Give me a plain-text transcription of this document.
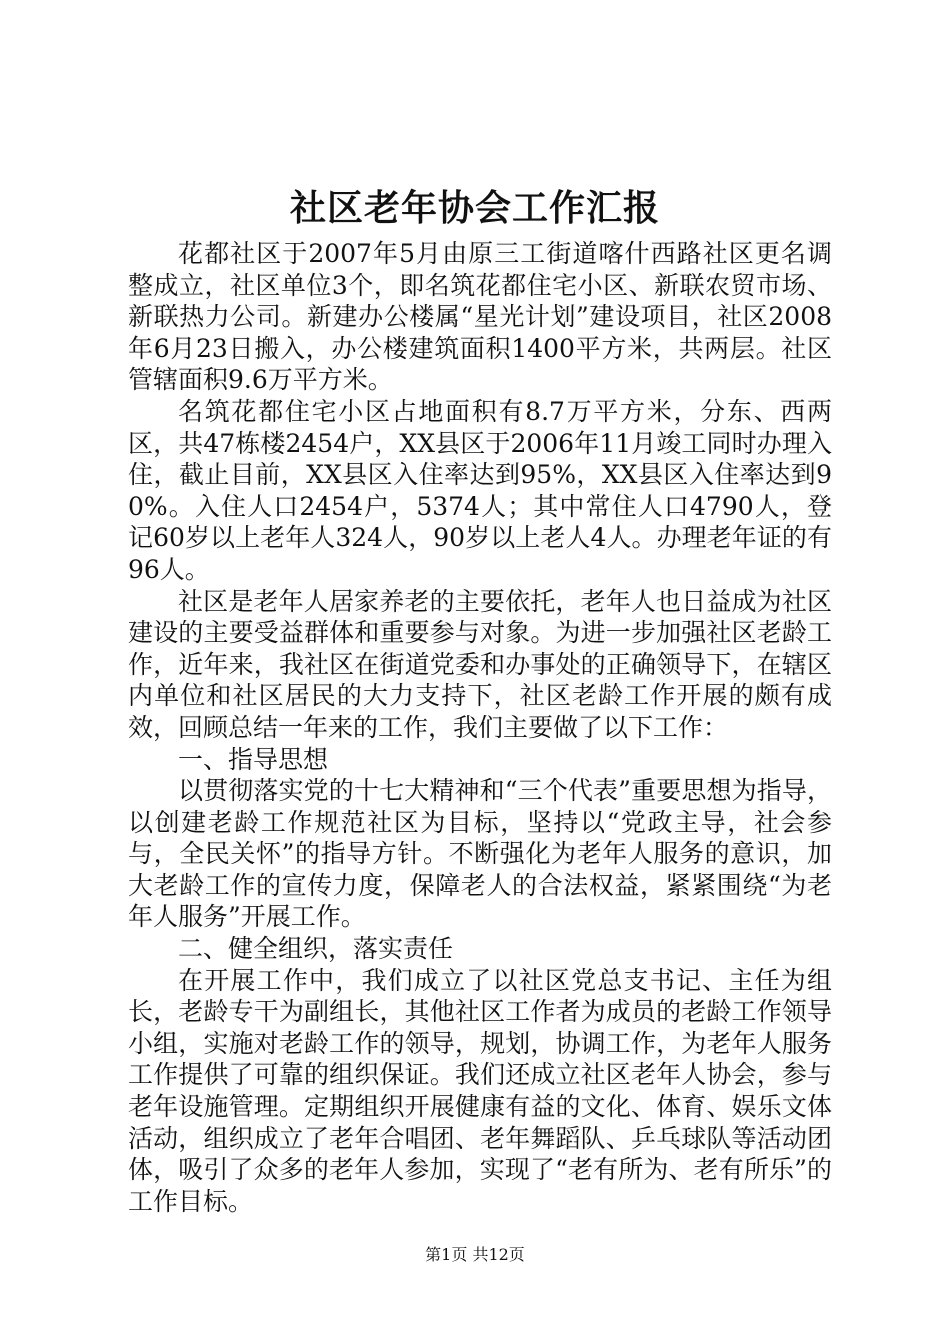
社区老年协会工作汇报

花都社区于2007年5月由原三工街道喀什西路社区更名调整成立，社区单位3个，即名筑花都住宅小区、新联农贸市场、新联热力公司。新建办公楼属“星光计划”建设项目，社区2008年6月23日搬入，办公楼建筑面积1400平方米，共两层。社区管辖面积9.6万平方米。

名筑花都住宅小区占地面积有8.7万平方米，分东、西两区，共47栋楼2454户，XX县区于2006年11月竣工同时办理入住，截止目前，XX县区入住率达到95%，XX县区入住率达到90%。入住人口2454户，5374人；其中常住人口4790人，登记60岁以上老年人324人，90岁以上老人4人。办理老年证的有96人。

社区是老年人居家养老的主要依托，老年人也日益成为社区建设的主要受益群体和重要参与对象。为进一步加强社区老龄工作，近年来，我社区在街道党委和办事处的正确领导下，在辖区内单位和社区居民的大力支持下，社区老龄工作开展的颇有成效，回顾总结一年来的工作，我们主要做了以下工作：

一、指导思想

以贯彻落实党的十七大精神和“三个代表”重要思想为指导，以创建老龄工作规范社区为目标，坚持以“党政主导，社会参与，全民关怀”的指导方针。不断强化为老年人服务的意识，加大老龄工作的宣传力度，保障老人的合法权益，紧紧围绕“为老年人服务”开展工作。

二、健全组织，落实责任

在开展工作中，我们成立了以社区党总支书记、主任为组长，老龄专干为副组长，其他社区工作者为成员的老龄工作领导小组，实施对老龄工作的领导，规划，协调工作，为老年人服务工作提供了可靠的组织保证。我们还成立社区老年人协会，参与老年设施管理。定期组织开展健康有益的文化、体育、娱乐文体活动，组织成立了老年合唱团、老年舞蹈队、乒乓球队等活动团体，吸引了众多的老年人参加，实现了“老有所为、老有所乐”的工作目标。

第1页 共12页
